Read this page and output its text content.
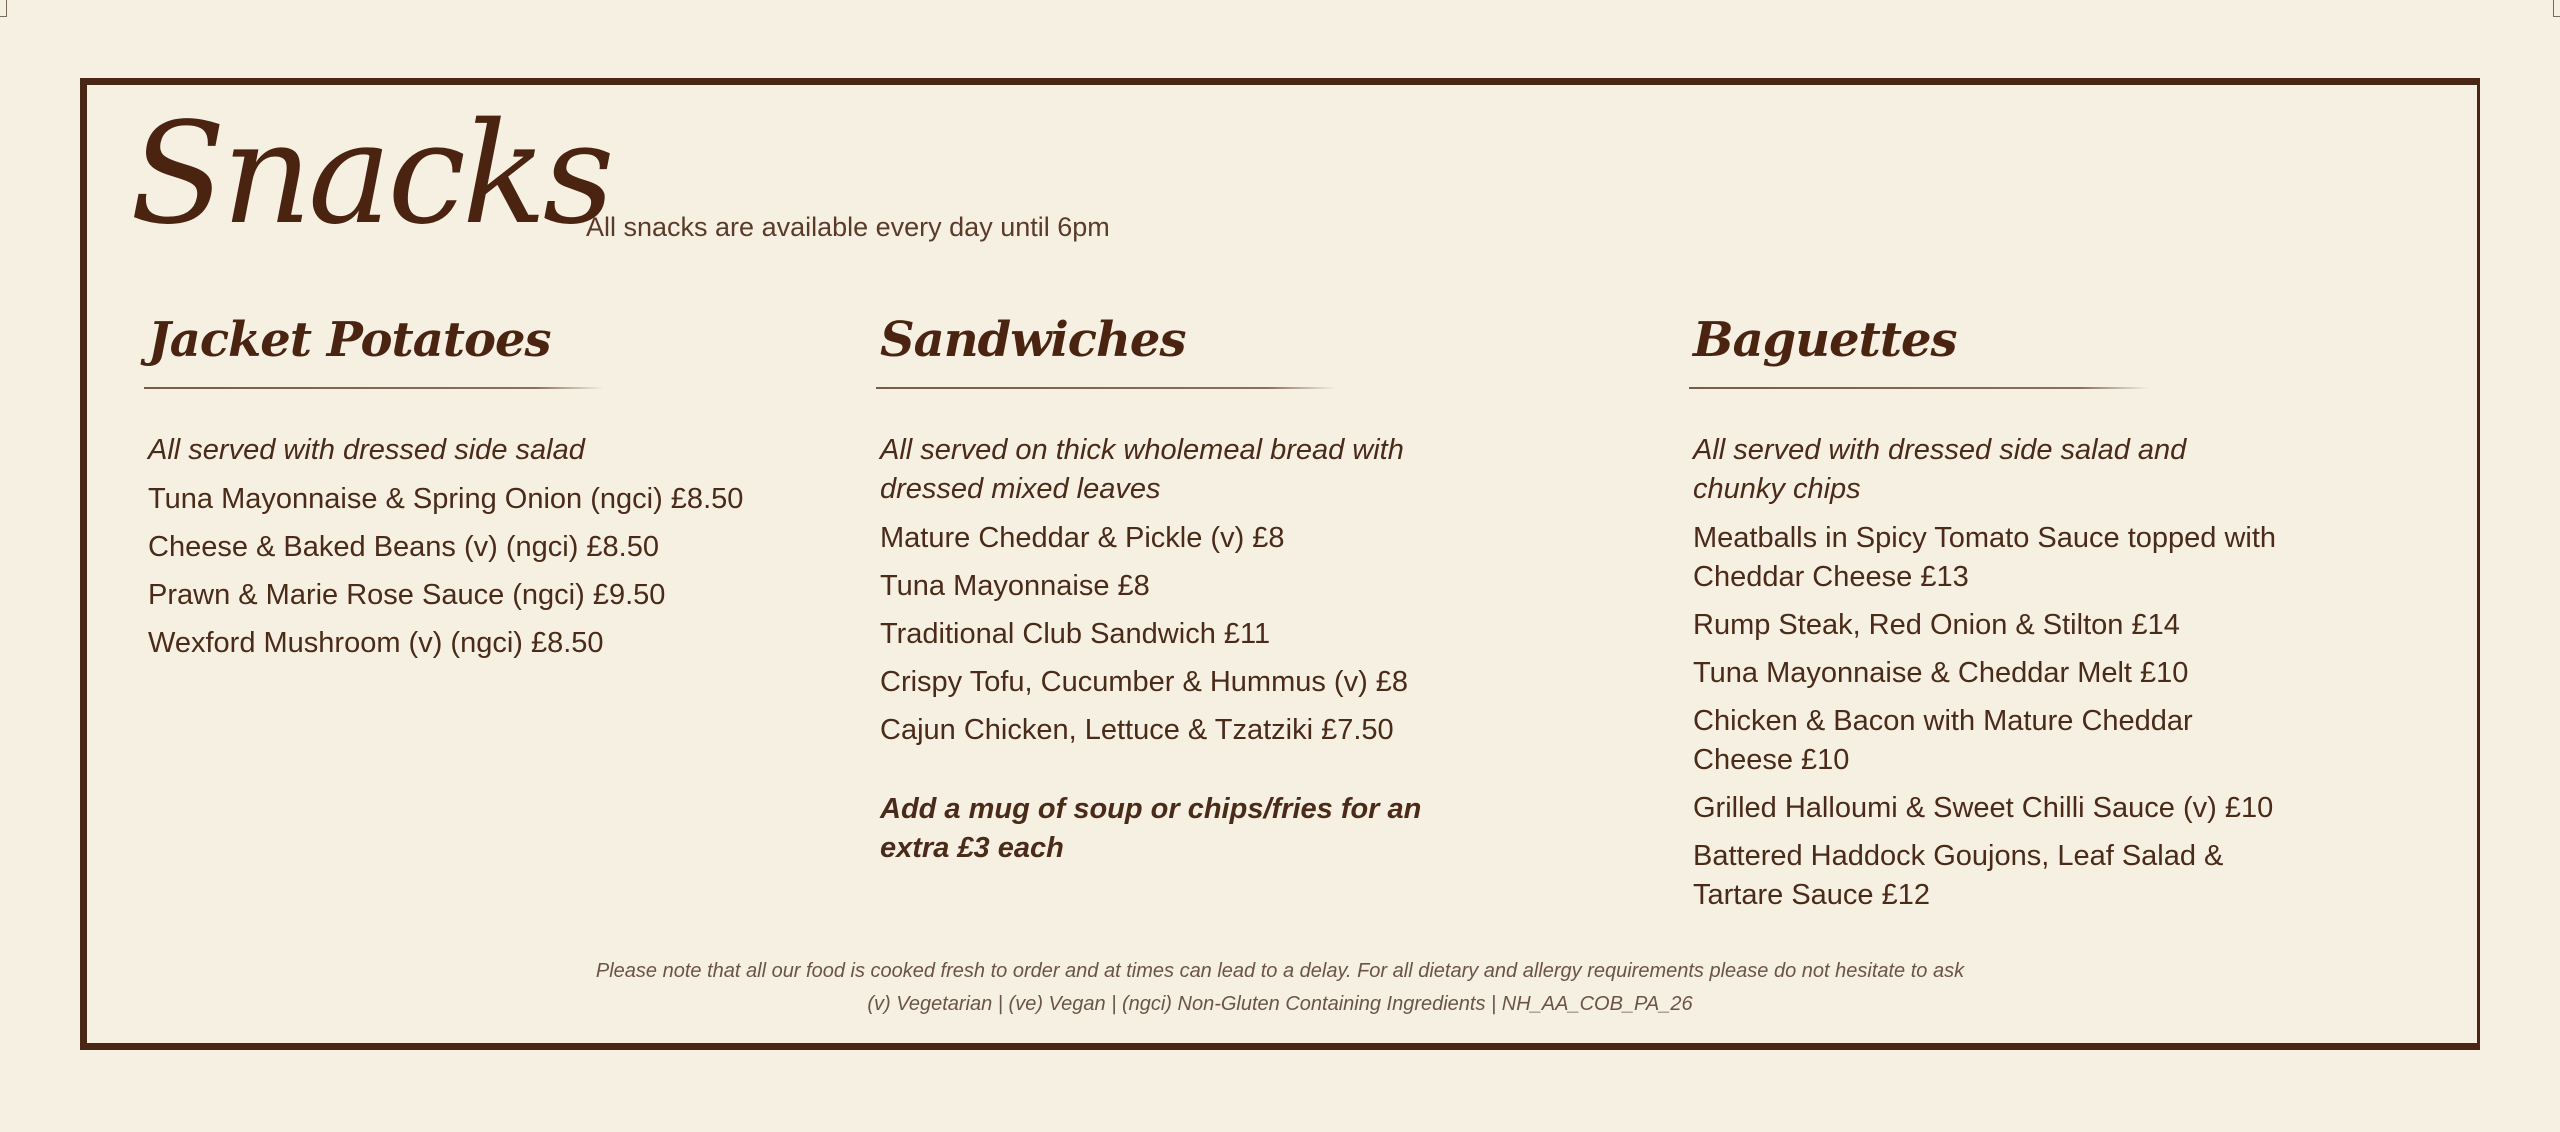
Snacks
All snacks are available every day until 6pm
Jacket Potatoes
All served with dressed side salad
Tuna Mayonnaise & Spring Onion (ngci) £8.50
Cheese & Baked Beans (v) (ngci) £8.50
Prawn & Marie Rose Sauce (ngci) £9.50
Wexford Mushroom (v) (ngci) £8.50
Sandwiches
All served on thick wholemeal bread with dressed mixed leaves
Mature Cheddar & Pickle (v) £8
Tuna Mayonnaise £8
Traditional Club Sandwich £11
Crispy Tofu, Cucumber & Hummus (v) £8
Cajun Chicken, Lettuce & Tzatziki £7.50
Add a mug of soup or chips/fries for an extra £3 each
Baguettes
All served with dressed side salad and chunky chips
Meatballs in Spicy Tomato Sauce topped with Cheddar Cheese £13
Rump Steak, Red Onion & Stilton £14
Tuna Mayonnaise & Cheddar Melt £10
Chicken & Bacon with Mature Cheddar Cheese £10
Grilled Halloumi & Sweet Chilli Sauce (v) £10
Battered Haddock Goujons, Leaf Salad & Tartare Sauce £12
Please note that all our food is cooked fresh to order and at times can lead to a delay. For all dietary and allergy requirements please do not hesitate to ask
(v) Vegetarian | (ve) Vegan | (ngci) Non-Gluten Containing Ingredients | NH_AA_COB_PA_26
